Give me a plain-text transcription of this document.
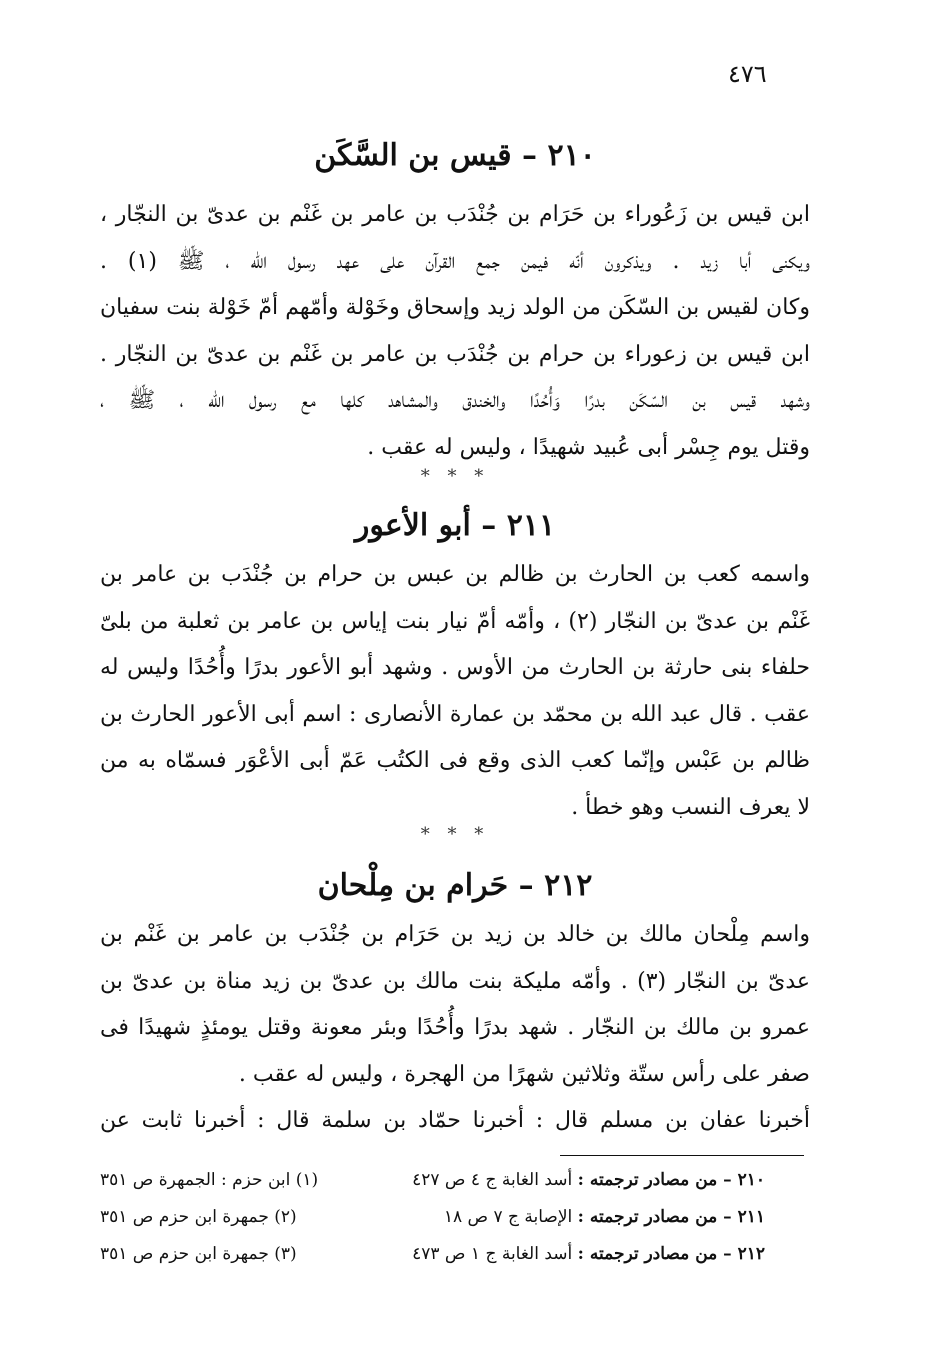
٤٧٦
٢١٠ – قيس بن السَّكَن
ابن قيس بن زَعُوراء بن حَرَام بن جُنْدَب بن عامر بن غَنْم بن عدىّ بن النجّار ،
ويكنى أبا زيد . ويذكرون أنّه فيمن جمع القرآن على عهد رسول الله ، ﷺ (١) .
وكان لقيس بن السّكَن من الولد زيد وإسحاق وخَوْلة وأمّهم أمّ خَوْلة بنت سفيان
ابن قيس بن زعوراء بن حرام بن جُنْدَب بن عامر بن غَنْم بن عدىّ بن النجّار .
وشهد قيس بن السّكَن بدرًا وَأُحُدًا والخندق والمشاهد كلها مع رسول الله ، ﷺ ،
وقتل يوم جِسْر أبى عُبيد شهيدًا ، وليس له عقب .
* * *
٢١١ – أبو الأعور
واسمه كعب بن الحارث بن ظالم بن عبس بن حرام بن جُنْدَب بن عامر بن
غَنْم بن عدىّ بن النجّار (٢) ، وأمّه أمّ نيار بنت إياس بن عامر بن ثعلبة من بلىّ
حلفاء بنى حارثة بن الحارث من الأوس . وشهد أبو الأعور بدرًا وأُحُدًا وليس له
عقب . قال عبد الله بن محمّد بن عمارة الأنصارى : اسم أبى الأعور الحارث بن
ظالم بن عَبْس وإنّما كعب الذى وقع فى الكتُب عَمّ أبى الأعْوَر فسمّاه به من
لا يعرف النسب وهو خطأ .
* * *
٢١٢ – حَرام بن مِلْحان
واسم مِلْحان مالك بن خالد بن زيد بن حَرَام بن جُنْدَب بن عامر بن غَنْم بن
عدىّ بن النجّار (٣) . وأمّه مليكة بنت مالك بن عدىّ بن زيد مناة بن عدىّ بن
عمرو بن مالك بن النجّار . شهد بدرًا وأُحُدًا وبئر معونة وقتل يومئذٍ شهيدًا فى
صفر على رأس ستّة وثلاثين شهرًا من الهجرة ، وليس له عقب .
أخبرنا عفان بن مسلم قال : أخبرنا حمّاد بن سلمة قال : أخبرنا ثابت عن
٢١٠ – من مصادر ترجمته : أسد الغابة ج ٤ ص ٤٢٧
(١) ابن حزم : الجمهرة ص ٣٥١
٢١١ – من مصادر ترجمته : الإصابة ج ٧ ص ١٨
(٢) جمهرة ابن حزم ص ٣٥١
٢١٢ – من مصادر ترجمته : أسد الغابة ج ١ ص ٤٧٣
(٣) جمهرة ابن حزم ص ٣٥١
